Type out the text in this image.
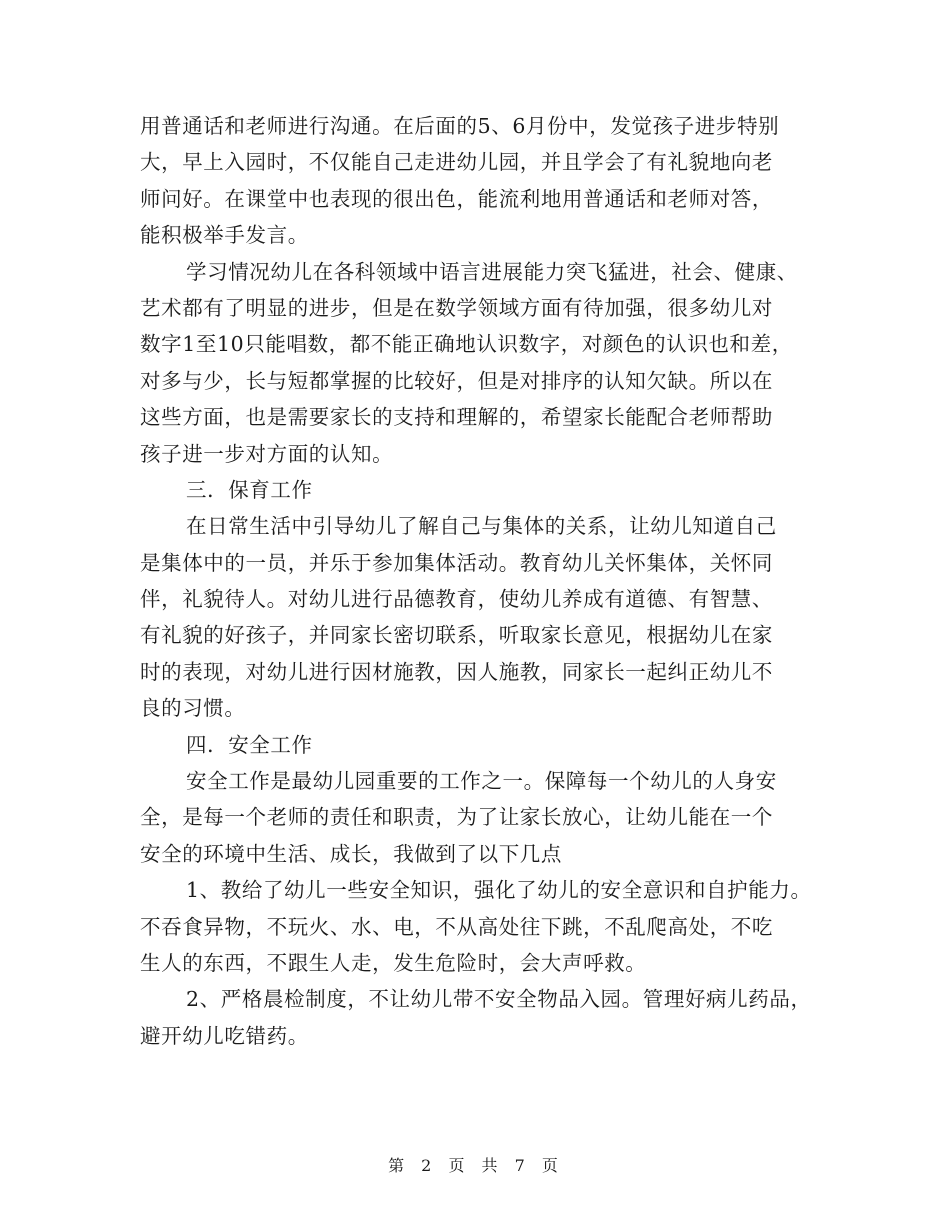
用普通话和老师进行沟通。在后面的5、6月份中，发觉孩子进步特别
大，早上入园时，不仅能自己走进幼儿园，并且学会了有礼貌地向老
师问好。在课堂中也表现的很出色，能流利地用普通话和老师对答，
能积极举手发言。
学习情况幼儿在各科领域中语言进展能力突飞猛进，社会、健康、
艺术都有了明显的进步，但是在数学领域方面有待加强，很多幼儿对
数字1至10只能唱数，都不能正确地认识数字，对颜色的认识也和差，
对多与少，长与短都掌握的比较好，但是对排序的认知欠缺。所以在
这些方面，也是需要家长的支持和理解的，希望家长能配合老师帮助
孩子进一步对方面的认知。
三．保育工作
在日常生活中引导幼儿了解自己与集体的关系，让幼儿知道自己
是集体中的一员，并乐于参加集体活动。教育幼儿关怀集体，关怀同
伴，礼貌待人。对幼儿进行品德教育，使幼儿养成有道德、有智慧、
有礼貌的好孩子，并同家长密切联系，听取家长意见，根据幼儿在家
时的表现，对幼儿进行因材施教，因人施教，同家长一起纠正幼儿不
良的习惯。
四．安全工作
安全工作是最幼儿园重要的工作之一。保障每一个幼儿的人身安
全，是每一个老师的责任和职责，为了让家长放心，让幼儿能在一个
安全的环境中生活、成长，我做到了以下几点
1、教给了幼儿一些安全知识，强化了幼儿的安全意识和自护能力。
不吞食异物，不玩火、水、电，不从高处往下跳，不乱爬高处，不吃
生人的东西，不跟生人走，发生危险时，会大声呼救。
2、严格晨检制度，不让幼儿带不安全物品入园。管理好病儿药品，
避开幼儿吃错药。
第 2 页 共 7 页
